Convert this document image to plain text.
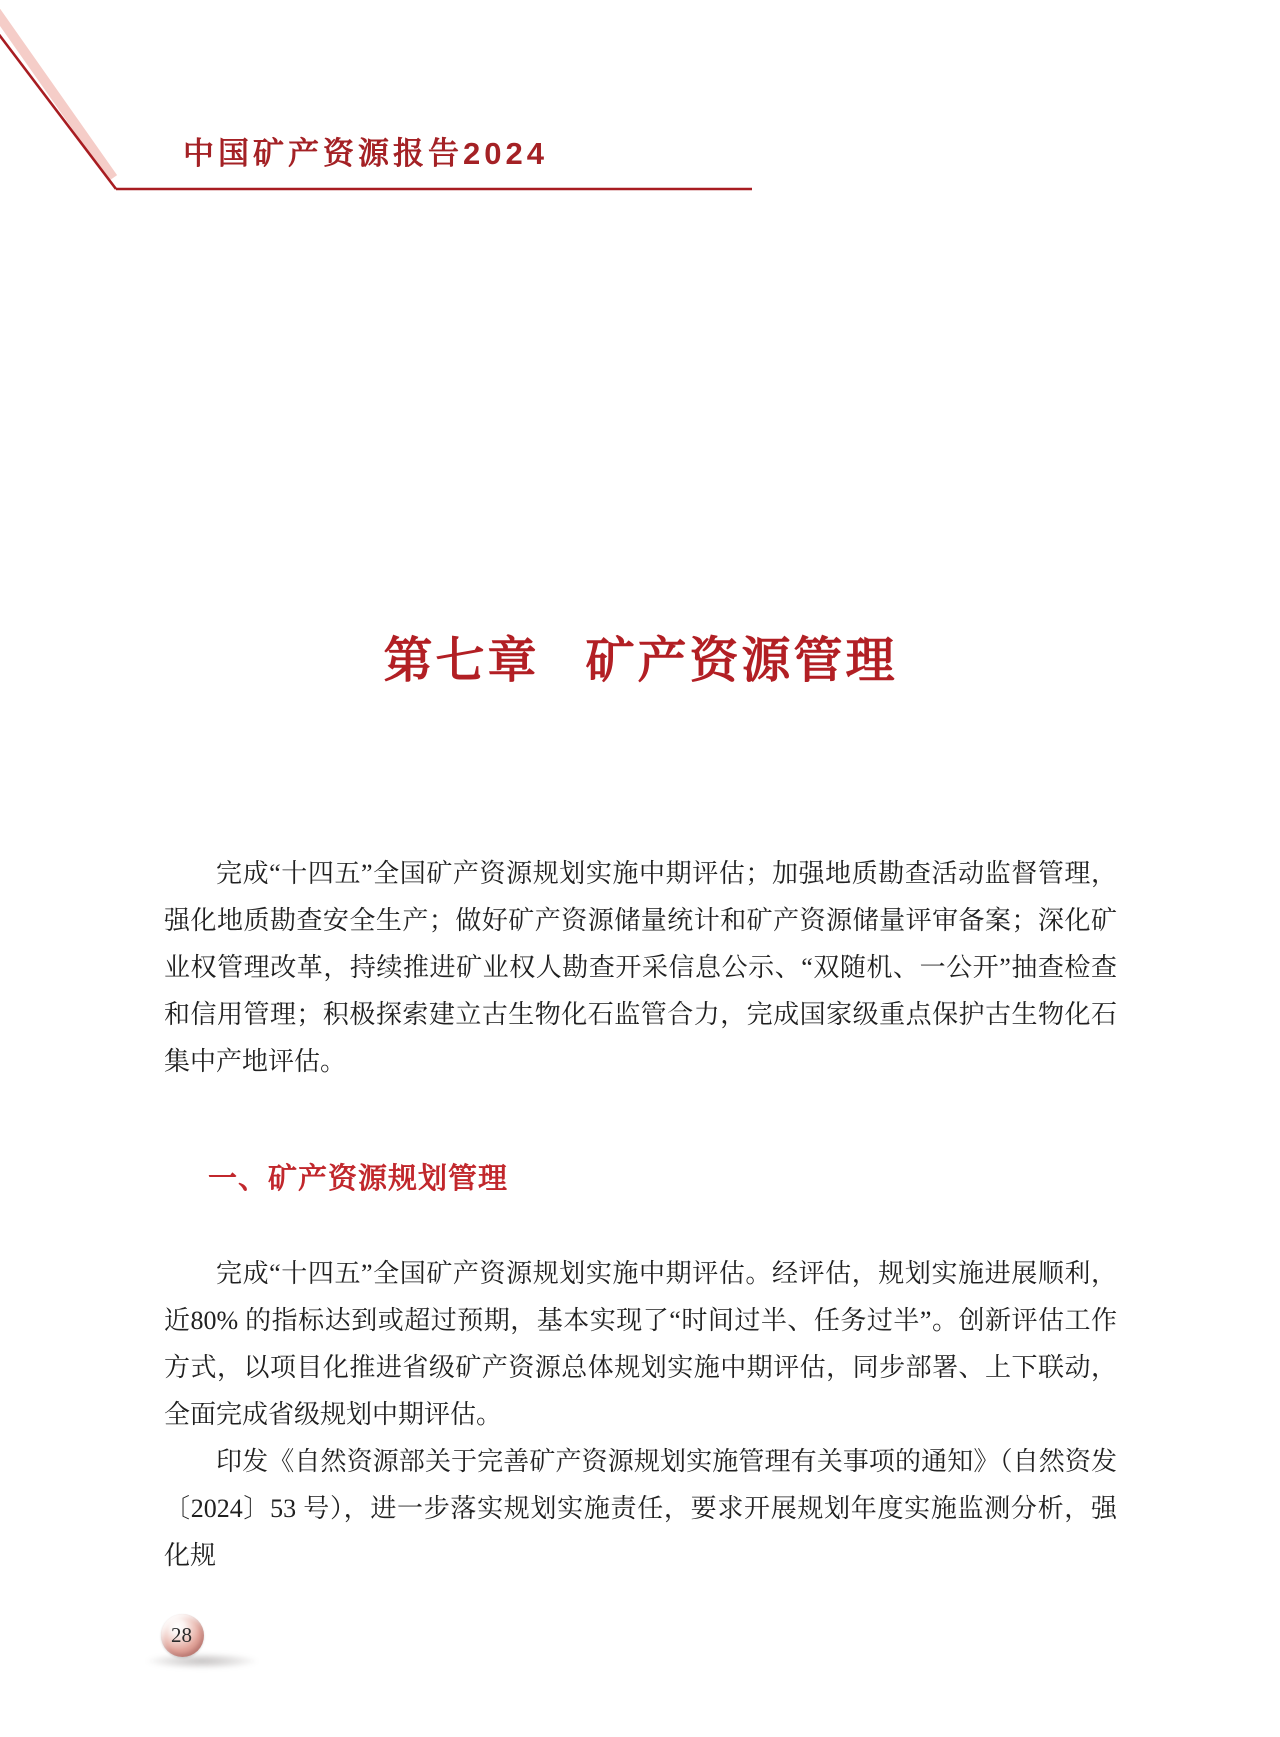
中国矿产资源报告2024
第七章 矿产资源管理

完成“十四五”全国矿产资源规划实施中期评估；加强地质勘查活动监督管理，强化地质勘查安全生产；做好矿产资源储量统计和矿产资源储量评审备案；深化矿业权管理改革，持续推进矿业权人勘查开采信息公示、“双随机、一公开”抽查检查和信用管理；积极探索建立古生物化石监管合力，完成国家级重点保护古生物化石集中产地评估。

一、矿产资源规划管理

完成“十四五”全国矿产资源规划实施中期评估。经评估，规划实施进展顺利，近80% 的指标达到或超过预期，基本实现了“时间过半、任务过半”。创新评估工作方式，以项目化推进省级矿产资源总体规划实施中期评估，同步部署、上下联动，全面完成省级规划中期评估。

印发《自然资源部关于完善矿产资源规划实施管理有关事项的通知》（自然资发〔2024〕53 号），进一步落实规划实施责任，要求开展规划年度实施监测分析，强化规

28
